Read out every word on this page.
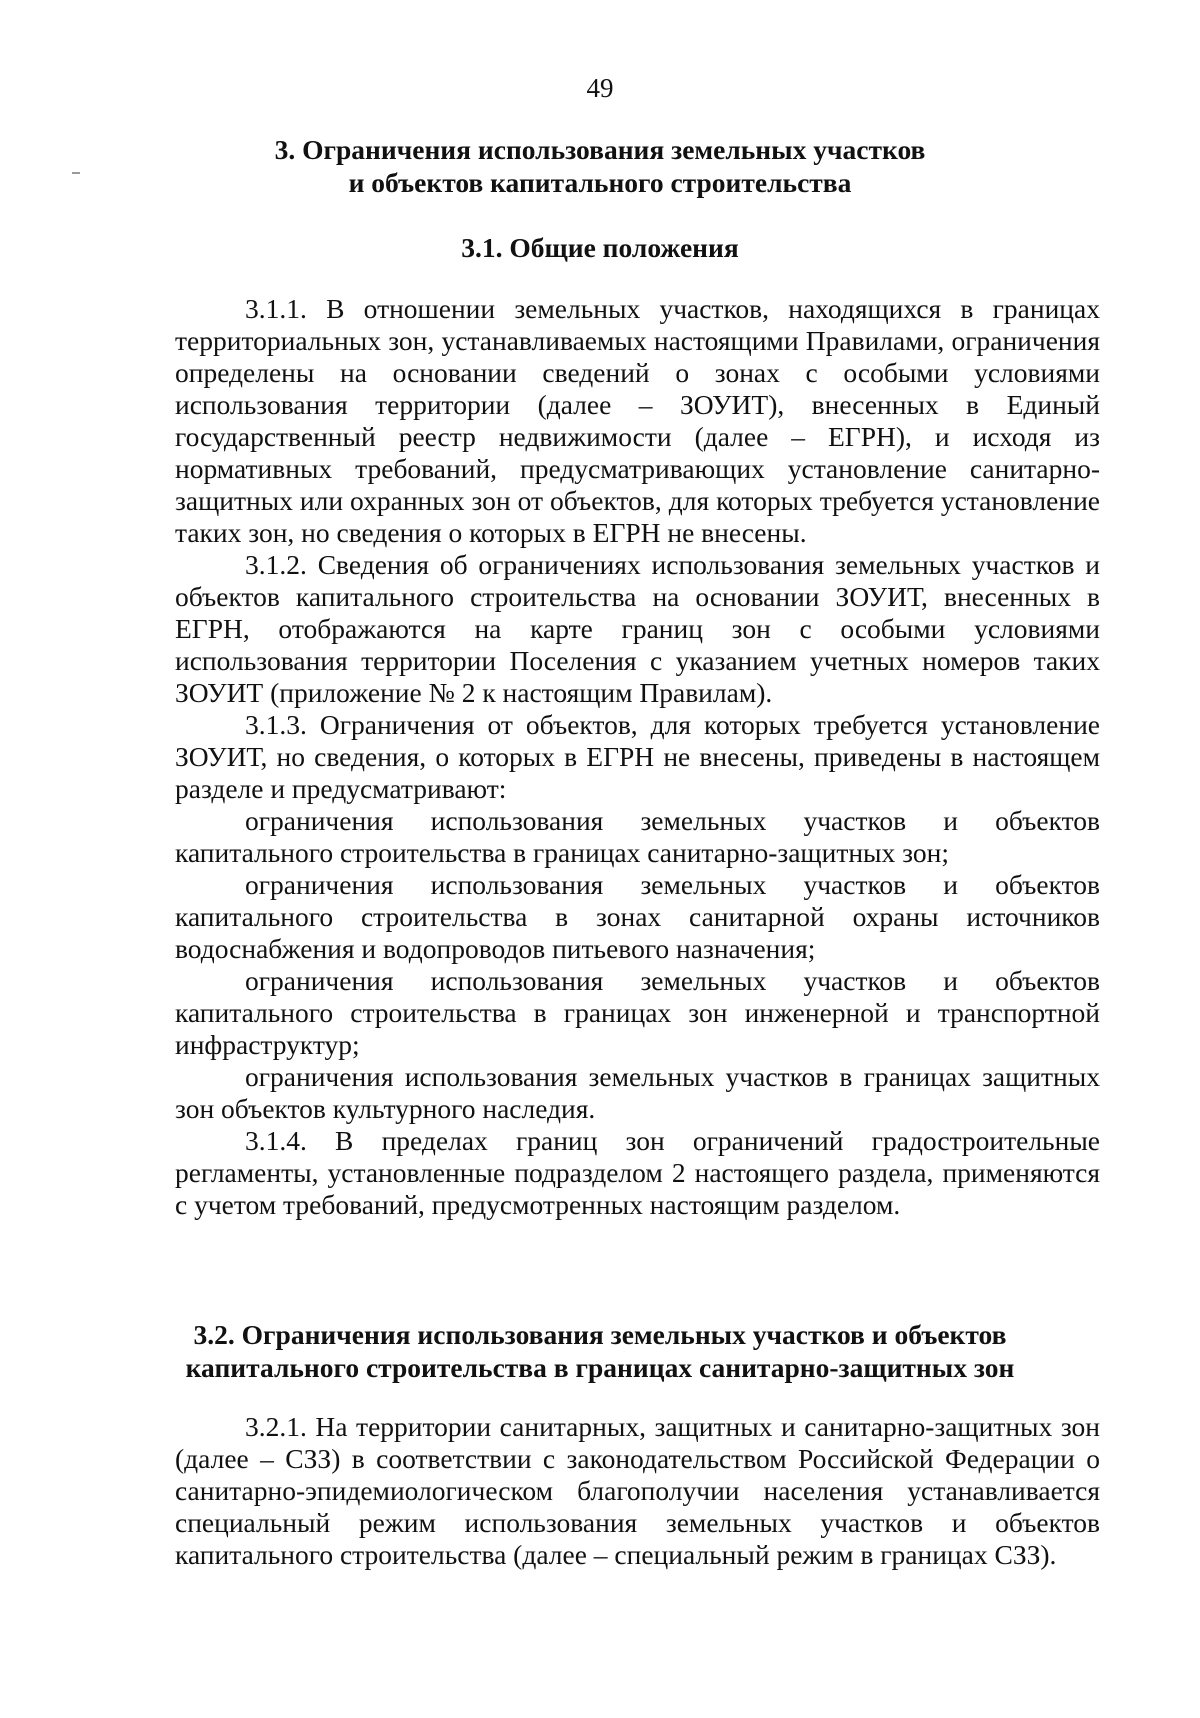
49
3. Ограничения использования земельных участков
и объектов капитального строительства
3.1. Общие положения

3.1.1. В отношении земельных участков, находящихся в границах территориальных зон, устанавливаемых настоящими Правилами, ограничения определены на основании сведений о зонах с особыми условиями использования территории (далее – ЗОУИТ), внесенных в Единый государственный реестр недвижимости (далее – ЕГРН), и исходя из нормативных требований, предусматривающих установление санитарно-защитных или охранных зон от объектов, для которых требуется установление таких зон, но сведения о которых в ЕГРН не внесены.

3.1.2. Сведения об ограничениях использования земельных участков и объектов капитального строительства на основании ЗОУИТ, внесенных в ЕГРН, отображаются на карте границ зон с особыми условиями использования территории Поселения с указанием учетных номеров таких ЗОУИТ (приложение № 2 к настоящим Правилам).

3.1.3. Ограничения от объектов, для которых требуется установление ЗОУИТ, но сведения, о которых в ЕГРН не внесены, приведены в настоящем разделе и предусматривают:

ограничения использования земельных участков и объектов капитального строительства в границах санитарно-защитных зон;

ограничения использования земельных участков и объектов капитального строительства в зонах санитарной охраны источников водоснабжения и водопроводов питьевого назначения;

ограничения использования земельных участков и объектов капитального строительства в границах зон инженерной и транспортной инфраструктур;

ограничения использования земельных участков в границах защитных зон объектов культурного наследия.

3.1.4. В пределах границ зон ограничений градостроительные регламенты, установленные подразделом 2 настоящего раздела, применяются с учетом требований, предусмотренных настоящим разделом.

3.2. Ограничения использования земельных участков и объектов
капитального строительства в границах санитарно-защитных зон

3.2.1. На территории санитарных, защитных и санитарно-защитных зон (далее – СЗЗ) в соответствии с законодательством Российской Федерации о санитарно-эпидемиологическом благополучии населения устанавливается специальный режим использования земельных участков и объектов капитального строительства (далее – специальный режим в границах СЗЗ).
